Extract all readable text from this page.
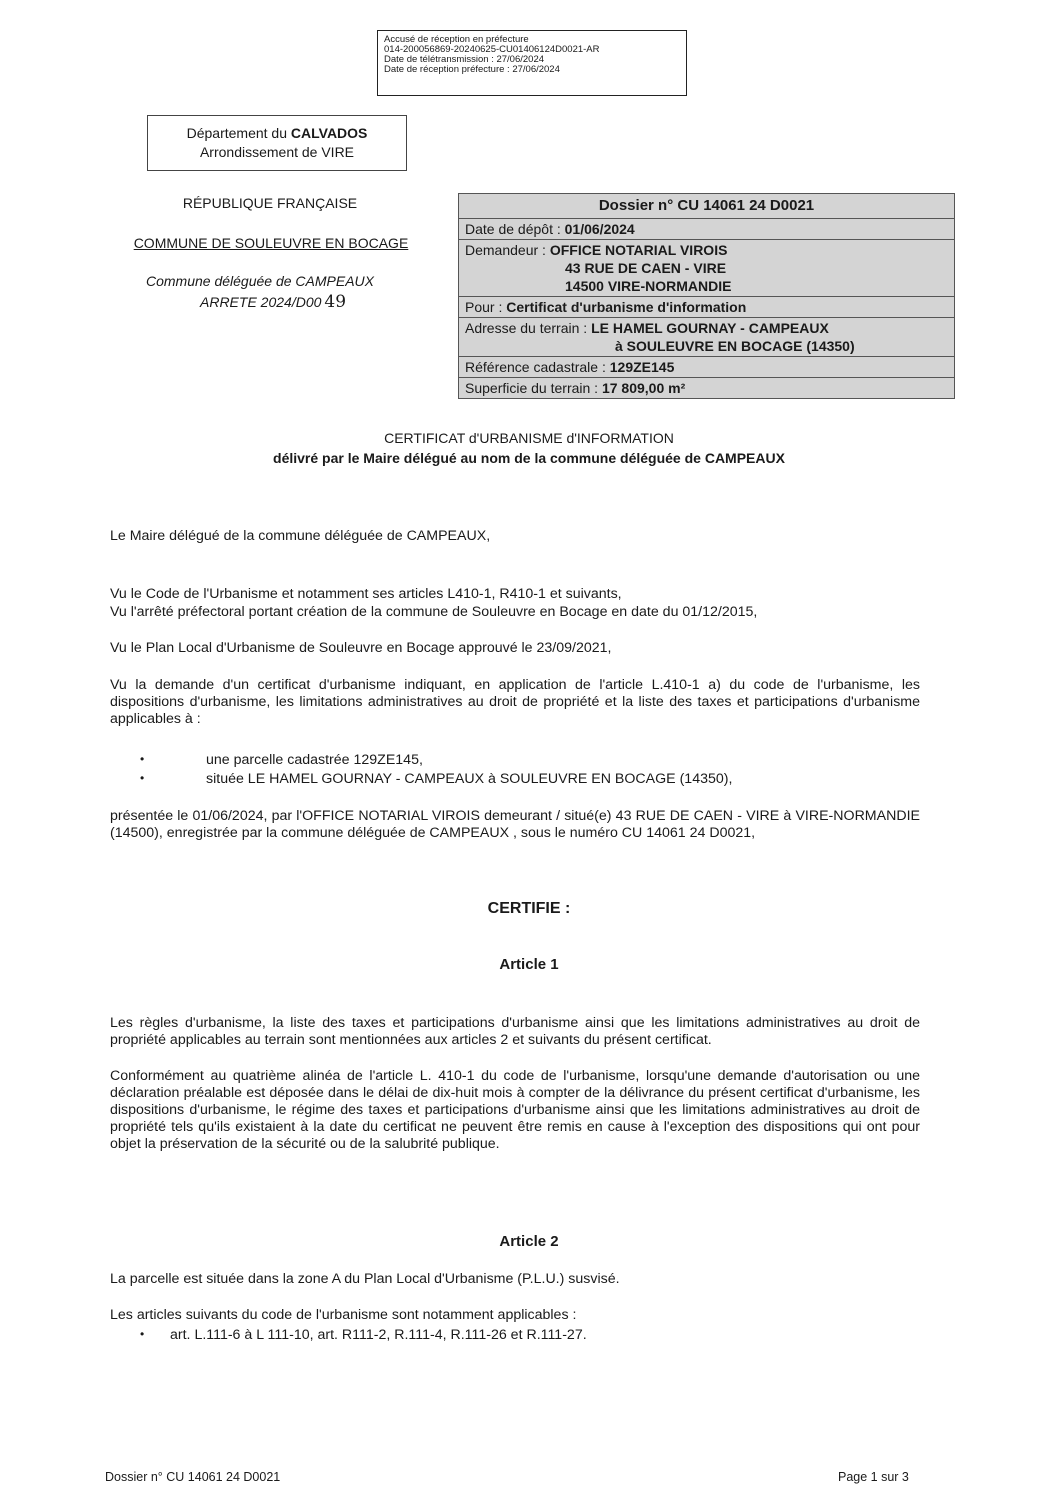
Accusé de réception en préfecture
014-200056869-20240625-CU01406124D0021-AR
Date de télétransmission : 27/06/2024
Date de réception préfecture : 27/06/2024
Département du CALVADOS
Arrondissement de VIRE
RÉPUBLIQUE FRANÇAISE
COMMUNE DE SOULEUVRE EN BOCAGE
Commune déléguée de CAMPEAUX
ARRETE 2024/D00 49
Dossier n° CU 14061 24 D0021
Date de dépôt : 01/06/2024
Demandeur : OFFICE NOTARIAL VIROIS
43 RUE DE CAEN - VIRE
14500 VIRE-NORMANDIE
Pour : Certificat d'urbanisme d'information
Adresse du terrain : LE HAMEL GOURNAY - CAMPEAUX
à SOULEUVRE EN BOCAGE (14350)
Référence cadastrale : 129ZE145
Superficie du terrain : 17 809,00 m²
CERTIFICAT d'URBANISME d'INFORMATION
délivré par le Maire délégué au nom de la commune déléguée de CAMPEAUX
Le Maire délégué de la commune déléguée de CAMPEAUX,
Vu le Code de l'Urbanisme et notamment ses articles L410-1, R410-1 et suivants,
Vu l'arrêté préfectoral portant création de la commune de Souleuvre en Bocage en date du 01/12/2015,
Vu le Plan Local d'Urbanisme de Souleuvre en Bocage approuvé le 23/09/2021,
Vu la demande d'un certificat d'urbanisme indiquant, en application de l'article L.410-1 a) du code de l'urbanisme, les dispositions d'urbanisme, les limitations administratives au droit de propriété et la liste des taxes et participations d'urbanisme applicables à :
•	une parcelle cadastrée 129ZE145,
•	située LE HAMEL GOURNAY - CAMPEAUX à SOULEUVRE EN BOCAGE (14350),
présentée le 01/06/2024, par l'OFFICE NOTARIAL VIROIS demeurant / situé(e) 43 RUE DE CAEN - VIRE à VIRE-NORMANDIE (14500), enregistrée par la commune déléguée de CAMPEAUX , sous le numéro CU 14061 24 D0021,
CERTIFIE :
Article 1
Les règles d'urbanisme, la liste des taxes et participations d'urbanisme ainsi que les limitations administratives au droit de propriété applicables au terrain sont mentionnées aux articles 2 et suivants du présent certificat.
Conformément au quatrième alinéa de l'article L. 410-1 du code de l'urbanisme, lorsqu'une demande d'autorisation ou une déclaration préalable est déposée dans le délai de dix-huit mois à compter de la délivrance du présent certificat d'urbanisme, les dispositions d'urbanisme, le régime des taxes et participations d'urbanisme ainsi que les limitations administratives au droit de propriété tels qu'ils existaient à la date du certificat ne peuvent être remis en cause à l'exception des dispositions qui ont pour objet la préservation de la sécurité ou de la salubrité publique.
Article 2
La parcelle est située dans la zone A du Plan Local d'Urbanisme (P.L.U.) susvisé.
Les articles suivants du code de l'urbanisme sont notamment applicables :
• art. L.111-6 à L 111-10, art. R111-2, R.111-4, R.111-26 et R.111-27.
Dossier n° CU 14061 24 D0021	Page 1 sur 3
